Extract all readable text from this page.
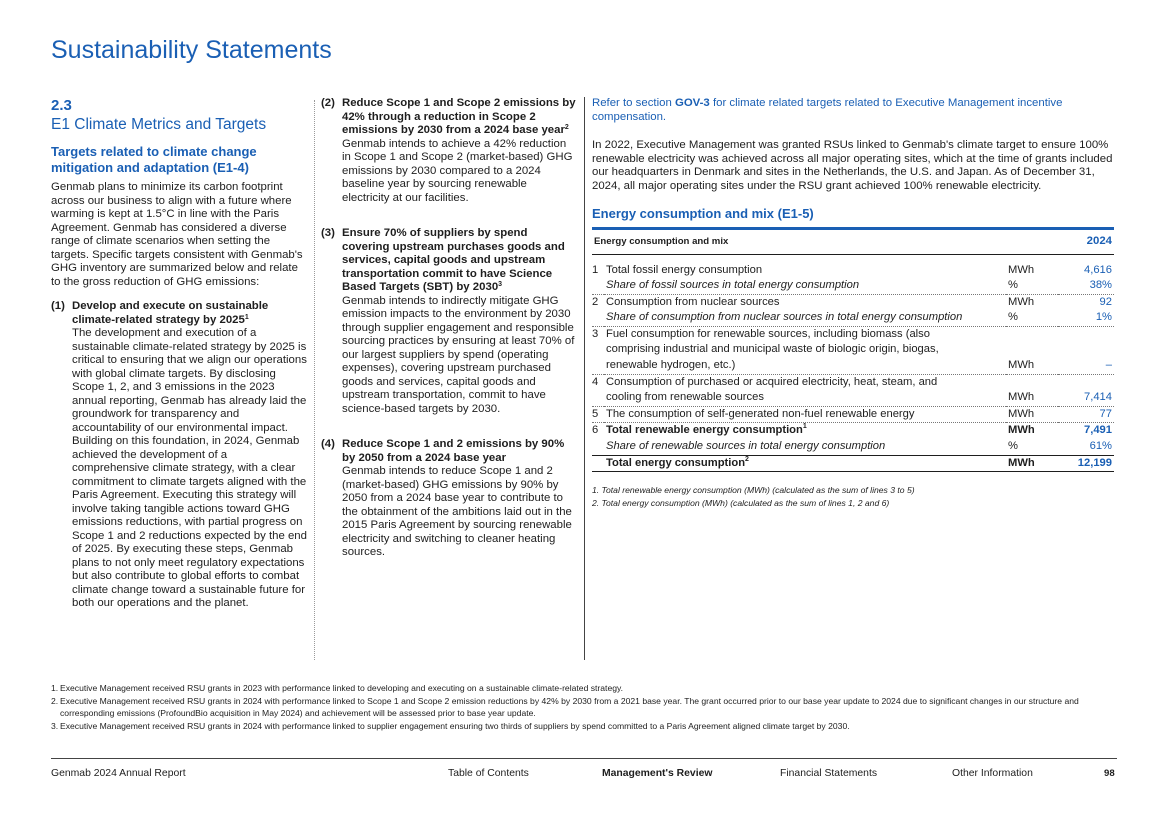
Sustainability Statements
2.3
E1 Climate Metrics and Targets
Targets related to climate change mitigation and adaptation (E1-4)

Genmab plans to minimize its carbon footprint across our business to align with a future where warming is kept at 1.5°C in line with the Paris Agreement. Genmab has considered a diverse range of climate scenarios when setting the targets. Specific targets consistent with Genmab's GHG inventory are summarized below and relate to the gross reduction of GHG emissions:

(1) Develop and execute on sustainable climate-related strategy by 2025$^1$

The development and execution of a sustainable climate-related strategy by 2025 is critical to ensuring that we align our operations with global climate targets. By disclosing Scope 1, 2, and 3 emissions in the 2023 annual reporting, Genmab has already laid the groundwork for transparency and accountability of our environmental impact. Building on this foundation, in 2024, Genmab achieved the development of a comprehensive climate strategy, with a clear commitment to climate targets aligned with the Paris Agreement. Executing this strategy will involve taking tangible actions toward GHG emissions reductions, with partial progress on Scope 1 and 2 reductions expected by the end of 2025. By executing these steps, Genmab plans to not only meet regulatory expectations but also contribute to global efforts to combat climate change toward a sustainable future for both our operations and the planet.

(2) Reduce Scope 1 and Scope 2 emissions by 42% through a reduction in Scope 2 emissions by 2030 from a 2024 base year$^2$

Genmab intends to achieve a 42% reduction in Scope 1 and Scope 2 (market-based) GHG emissions by 2030 compared to a 2024 baseline year by sourcing renewable electricity at our facilities.

(3) Ensure 70% of suppliers by spend covering upstream purchases goods and services, capital goods and upstream transportation commit to have Science Based Targets (SBT) by 2030$^3$

Genmab intends to indirectly mitigate GHG emission impacts to the environment by 2030 through supplier engagement and responsible sourcing practices by ensuring at least 70% of our largest suppliers by spend (operating expenses), covering upstream purchased goods and services, capital goods and upstream transportation, commit to have science-based targets by 2030.

(4) Reduce Scope 1 and 2 emissions by 90% by 2050 from a 2024 base year

Genmab intends to reduce Scope 1 and 2 (market-based) GHG emissions by 90% by 2050 from a 2024 base year to contribute to the obtainment of the ambitions laid out in the 2015 Paris Agreement by sourcing renewable electricity and switching to cleaner heating sources.

Refer to section GOV-3 for climate related targets related to Executive Management incentive compensation.

In 2022, Executive Management was granted RSUs linked to Genmab's climate target to ensure 100% renewable electricity was achieved across all major operating sites, which at the time of grants included our headquarters in Denmark and sites in the Netherlands, the U.S. and Japan. As of December 31, 2024, all major operating sites under the RSU grant achieved 100% renewable electricity.

Energy consumption and mix (E1-5)
Energy consumption and mix			2024
1	Total fossil energy consumption	MWh	4,616
	Share of fossil sources in total energy consumption	%	38%
2	Consumption from nuclear sources	MWh	92
	Share of consumption from nuclear sources in total energy consumption	%	1%
3	Fuel consumption for renewable sources, including biomass (also		
	comprising industrial and municipal waste of biologic origin, biogas,		
	renewable hydrogen, etc.)	MWh	–
4	Consumption of purchased or acquired electricity, heat, steam, and		
	cooling from renewable sources	MWh	7,414
5	The consumption of self-generated non-fuel renewable energy	MWh	77
6	Total renewable energy consumption$^1$	MWh	7,491
	Share of renewable sources in total energy consumption	%	61%
	Total energy consumption$^2$	MWh	12,199
1. Total renewable energy consumption (MWh) (calculated as the sum of lines 3 to 5)
2. Total energy consumption (MWh) (calculated as the sum of lines 1, 2 and 6)
1. Executive Management received RSU grants in 2023 with performance linked to developing and executing on a sustainable climate-related strategy.
2. Executive Management received RSU grants in 2024 with performance linked to Scope 1 and Scope 2 emission reductions by 42% by 2030 from a 2021 base year. The grant occurred prior to our base year update to 2024 due to significant changes in our structure and corresponding emissions (ProfoundBio acquisition in May 2024) and achievement will be assessed prior to base year update.
3. Executive Management received RSU grants in 2024 with performance linked to supplier engagement ensuring two thirds of suppliers by spend committed to a Paris Agreement aligned climate target by 2030.
Genmab 2024 Annual Report	Table of Contents	Management's Review	Financial Statements	Other Information	98
